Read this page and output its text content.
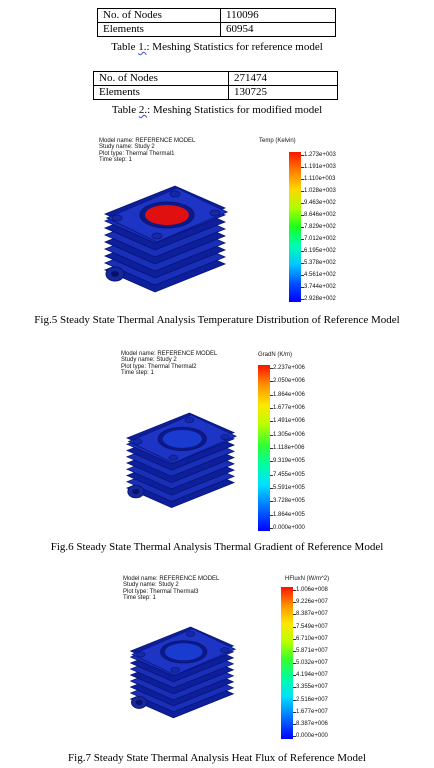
No. of Nodes	110096
Elements	60954
Table 1.: Meshing Statistics for reference model
No. of Nodes	271474
Elements	130725
Table 2.: Meshing Statistics for modified model
Model name: REFERENCE MODEL
Study name: Study 2
Plot type: Thermal Thermal1
Time step: 1
Temp (Kelvin)
1.273e+003
1.191e+003
1.110e+003
1.028e+003
9.463e+002
8.646e+002
7.829e+002
7.012e+002
6.195e+002
5.378e+002
4.561e+002
3.744e+002
2.928e+002
Fig.5 Steady State Thermal Analysis Temperature Distribution of Reference Model
Model name: REFERENCE MODEL
Study name: Study 2
Plot type: Thermal Thermal2
Time step: 1
GradN (K/m)
2.237e+006
2.050e+006
1.864e+006
1.677e+006
1.491e+006
1.305e+006
1.118e+006
9.319e+005
7.455e+005
5.591e+005
3.728e+005
1.864e+005
0.000e+000
Fig.6 Steady State Thermal Analysis Thermal Gradient of Reference Model
Model name: REFERENCE MODEL
Study name: Study 2
Plot type: Thermal Thermal3
Time step: 1
HFluxN (W/m^2)
1.006e+008
9.226e+007
8.387e+007
7.549e+007
6.710e+007
5.871e+007
5.032e+007
4.194e+007
3.355e+007
2.516e+007
1.677e+007
8.387e+006
0.000e+000
Fig.7 Steady State Thermal Analysis Heat Flux of Reference Model
